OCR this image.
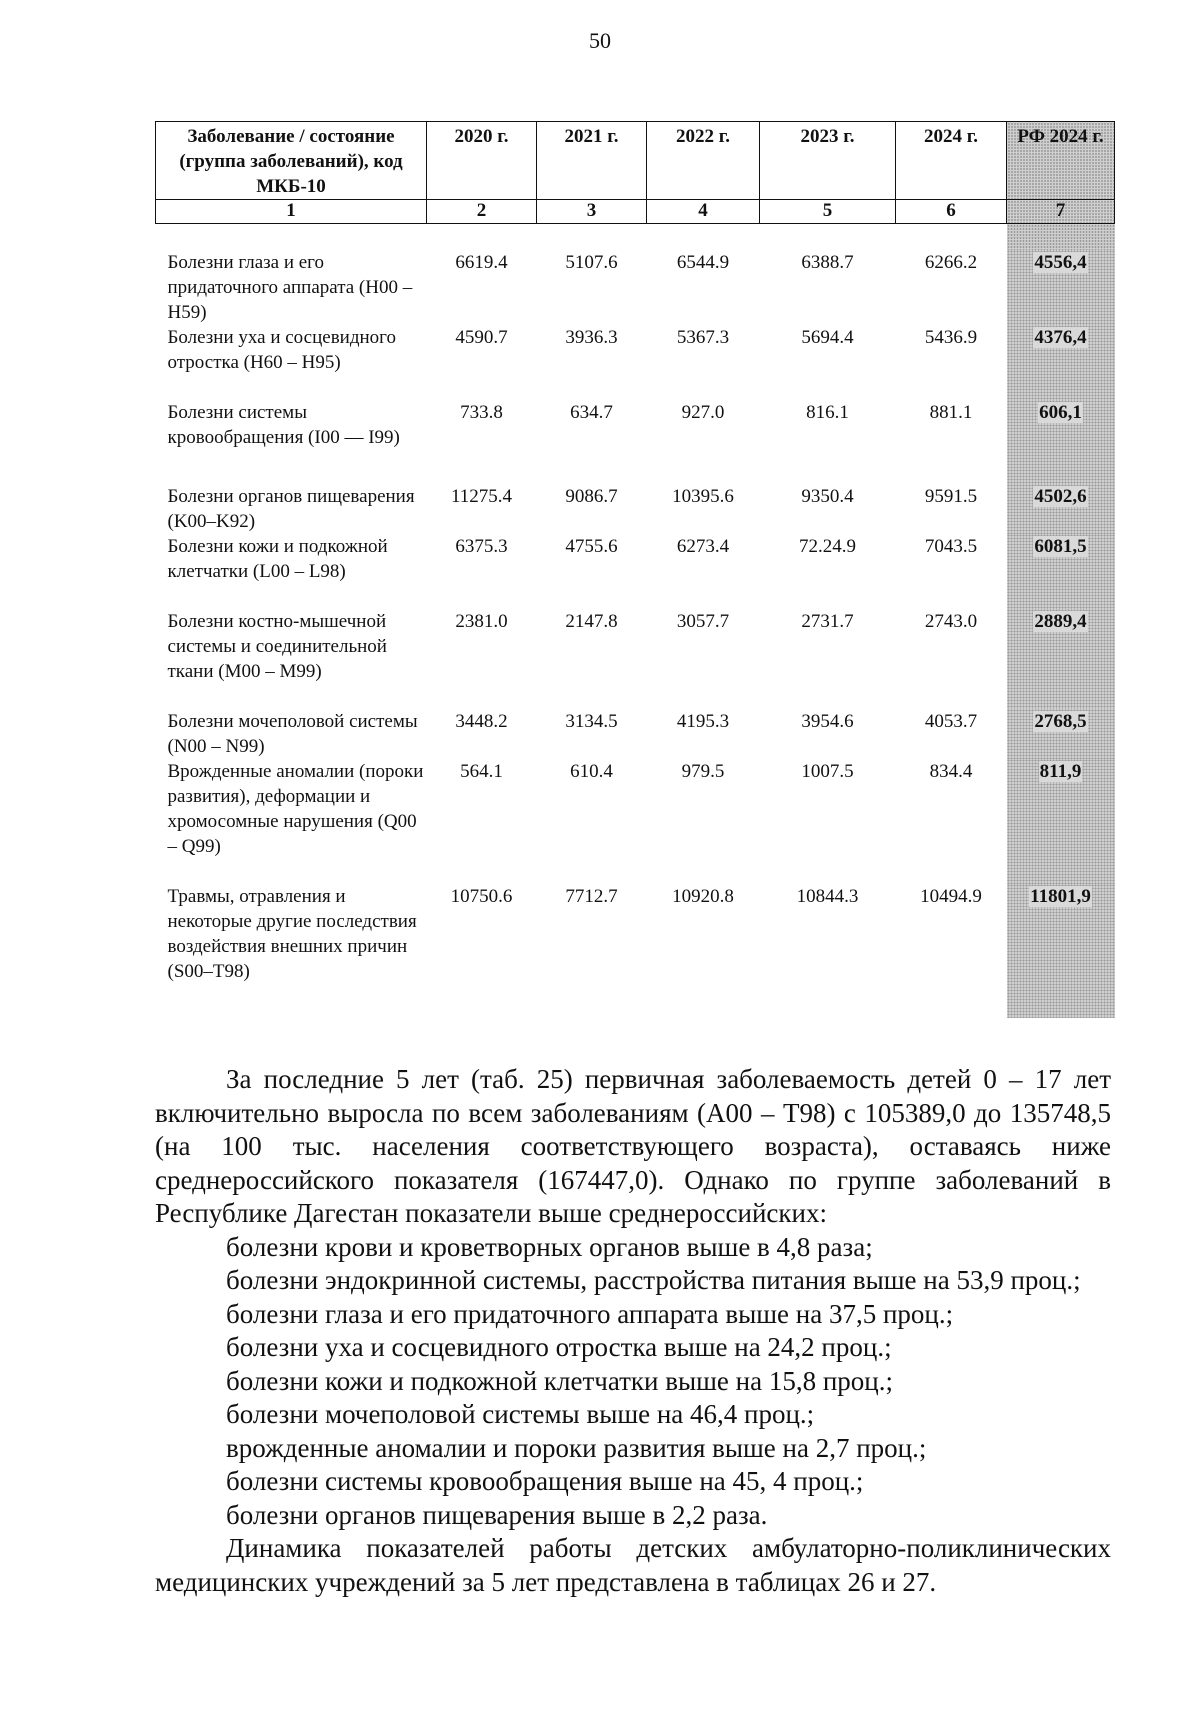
50
Заболевание / состояние (группа заболеваний), код МКБ-10	2020 г.	2021 г.	2022 г.	2023 г.	2024 г.	РФ 2024 г.
1	2	3	4	5	6	7

Болезни глаза и его придаточного аппарата (H00 – H59)	6619.4	5107.6	6544.9	6388.7	6266.2	4556,4
Болезни уха и сосцевидного отростка (H60 – H95)	4590.7	3936.3	5367.3	5694.4	5436.9	4376,4
Болезни системы кровообращения (I00 — I99)	733.8	634.7	927.0	816.1	881.1	606,1
Болезни органов пищеварения (K00–K92)	11275.4	9086.7	10395.6	9350.4	9591.5	4502,6
Болезни кожи и подкожной клетчатки (L00 – L98)	6375.3	4755.6	6273.4	72.24.9	7043.5	6081,5
Болезни костно-мышечной системы и соединительной ткани (M00 – M99)	2381.0	2147.8	3057.7	2731.7	2743.0	2889,4
Болезни мочеполовой системы (N00 – N99)	3448.2	3134.5	4195.3	3954.6	4053.7	2768,5
Врожденные аномалии (пороки развития), деформации и хромосомные нарушения (Q00 – Q99)	564.1	610.4	979.5	1007.5	834.4	811,9
Травмы, отравления и некоторые другие последствия воздействия внешних причин (S00–T98)	10750.6	7712.7	10920.8	10844.3	10494.9	11801,9

За последние 5 лет (таб. 25) первичная заболеваемость детей 0 – 17 лет включительно выросла по всем заболеваниям (А00 – Т98) с 105389,0 до 135748,5 (на 100 тыс. населения соответствующего возраста), оставаясь ниже среднероссийского показателя (167447,0). Однако по группе заболеваний в Республике Дагестан показатели выше среднероссийских:

болезни крови и кроветворных органов выше в 4,8 раза;
болезни эндокринной системы, расстройства питания выше на 53,9 проц.;
болезни глаза и его придаточного аппарата выше на 37,5 проц.;
болезни уха и сосцевидного отростка выше на 24,2 проц.;
болезни кожи и подкожной клетчатки выше на 15,8 проц.;
болезни мочеполовой системы выше на 46,4 проц.;
врожденные аномалии и пороки развития выше на 2,7 проц.;
болезни системы кровообращения выше на 45, 4 проц.;
болезни органов пищеварения выше в 2,2 раза.

Динамика показателей работы детских амбулаторно-поликлинических медицинских учреждений за 5 лет представлена в таблицах 26 и 27.
